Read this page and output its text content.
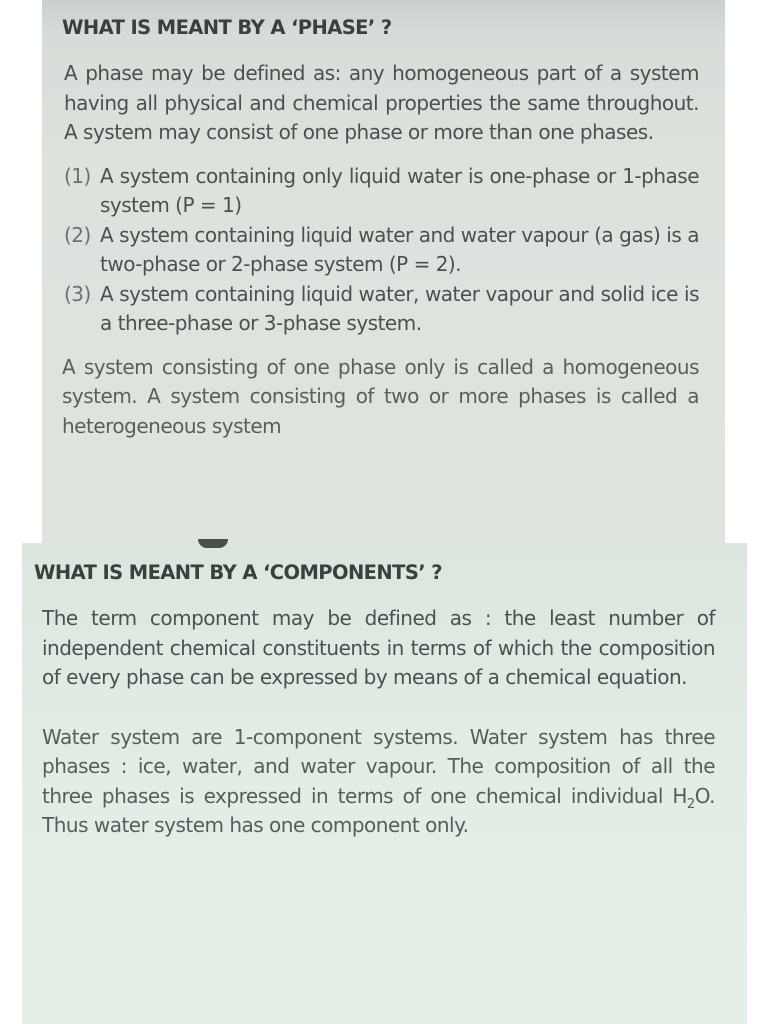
WHAT IS MEANT BY A ‘PHASE’ ?

A phase may be defined as: any homogeneous part of a system having all physical and chemical properties the same throughout. A system may consist of one phase or more than one phases.

(1) A system containing only liquid water is one-phase or 1-phase system (P = 1)
(2) A system containing liquid water and water vapour (a gas) is a two-phase or 2-phase system (P = 2).
(3) A system containing liquid water, water vapour and solid ice is a three-phase or 3-phase system.

A system consisting of one phase only is called a homogeneous system. A system consisting of two or more phases is called a heterogeneous system

WHAT IS MEANT BY A ‘COMPONENTS’ ?

The term component may be defined as : the least number of independent chemical constituents in terms of which the composition of every phase can be expressed by means of a chemical equation.

Water system are 1-component systems. Water system has three phases : ice, water, and water vapour. The composition of all the three phases is expressed in terms of one chemical individual $H_2O$. Thus water system has one component only.
